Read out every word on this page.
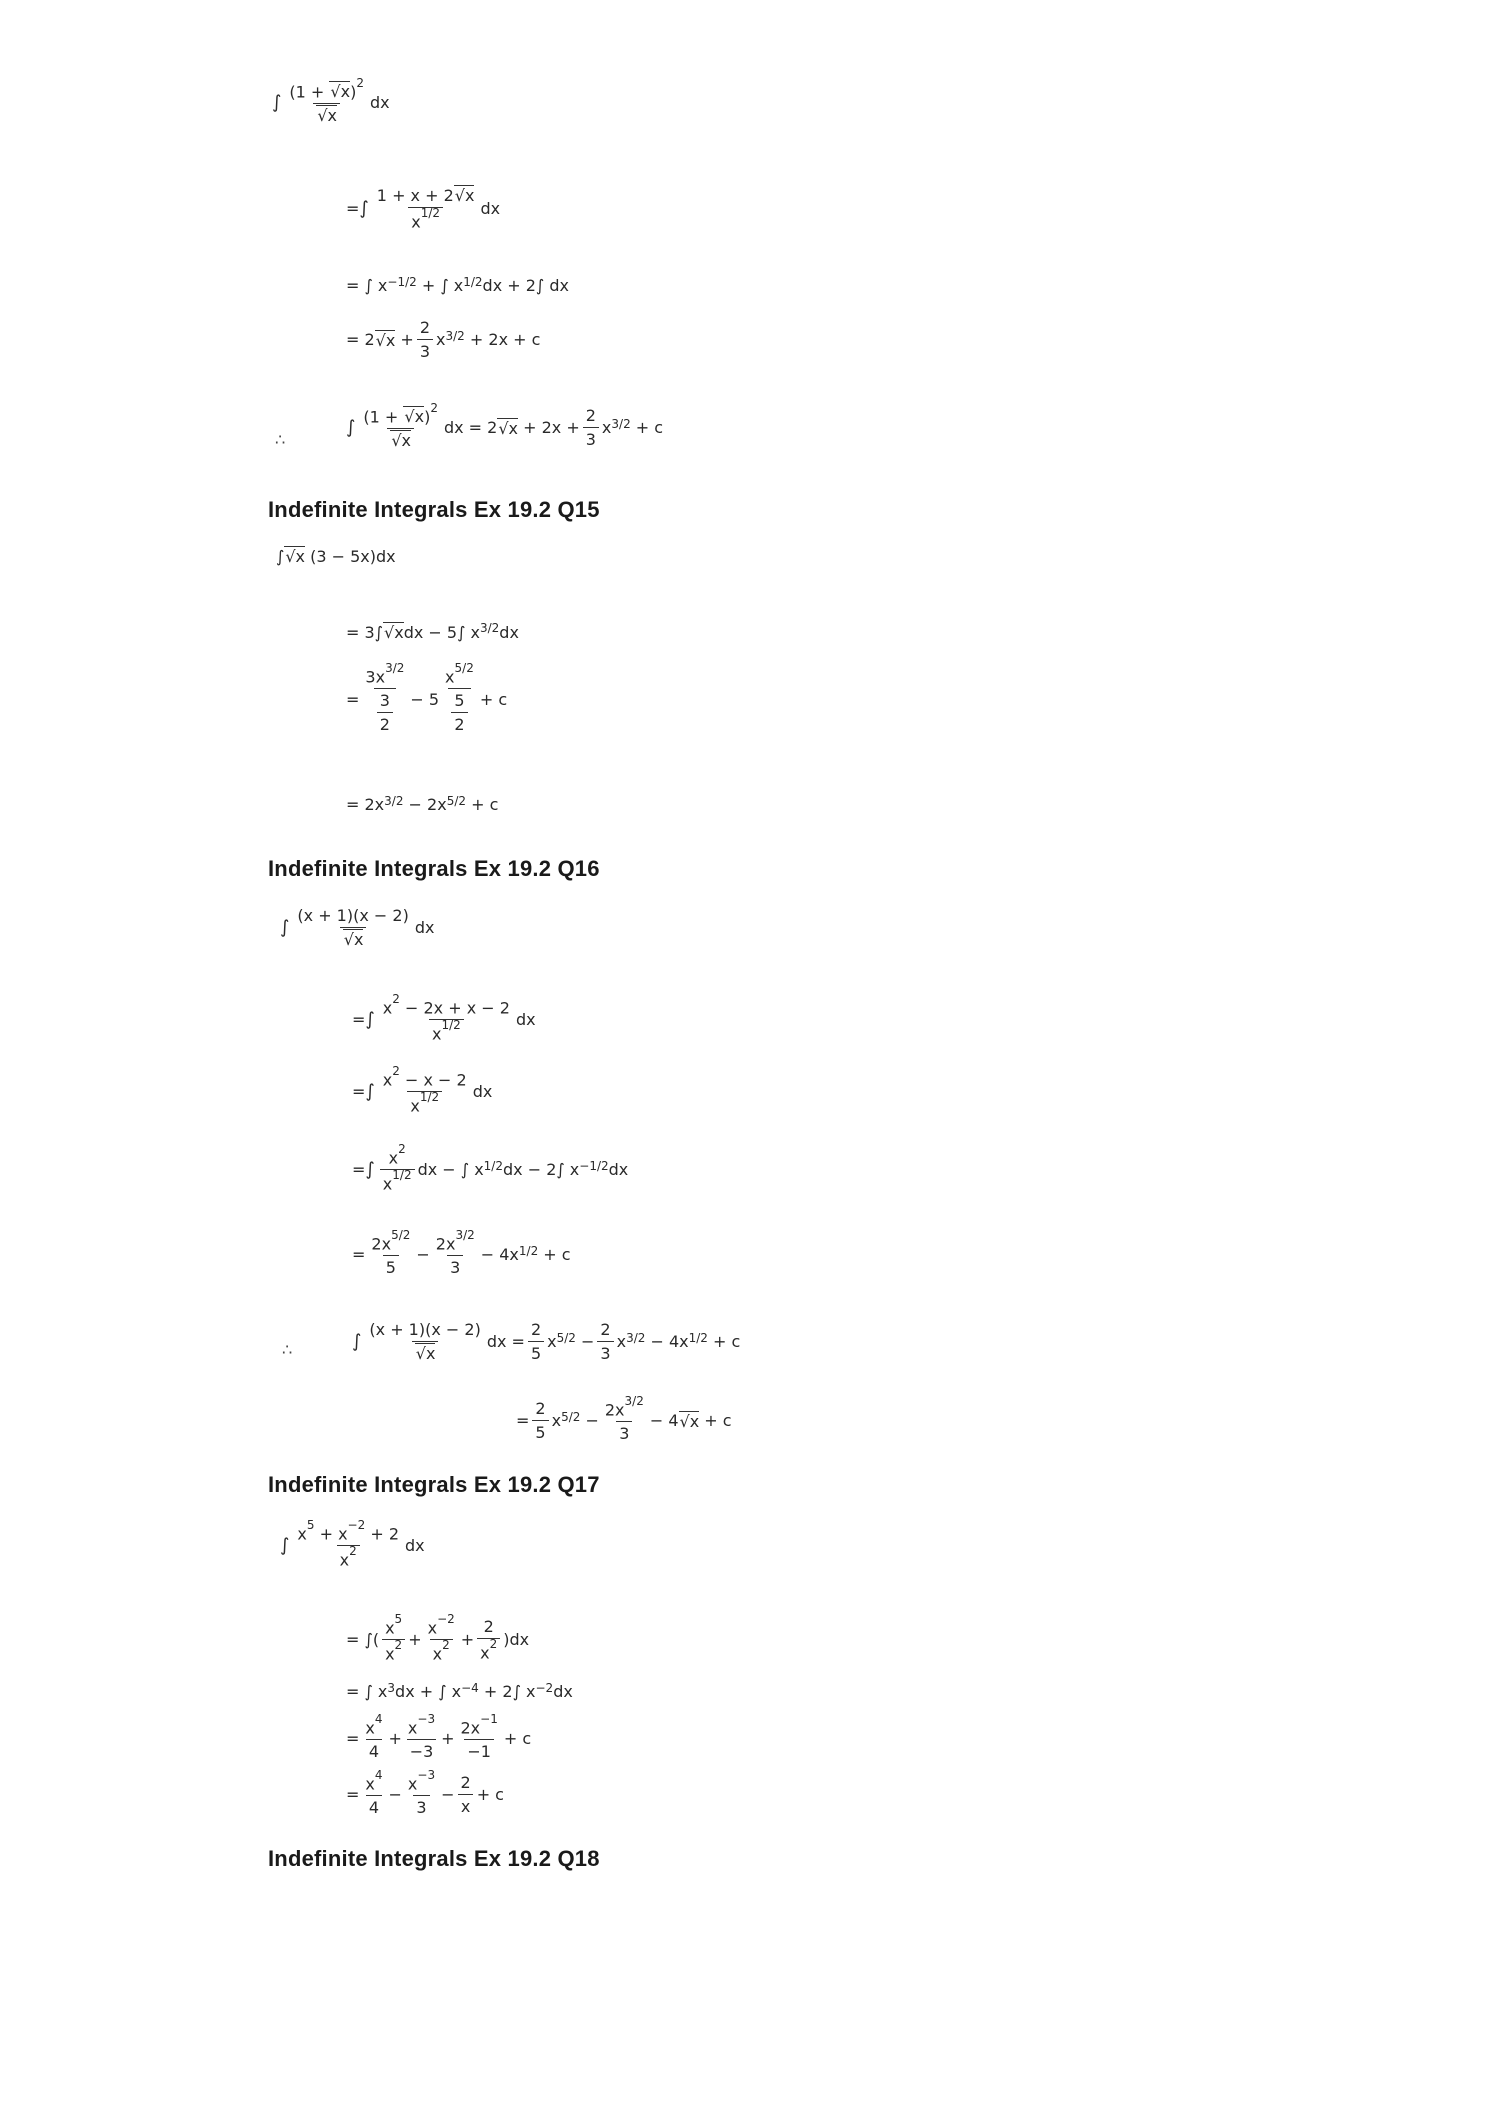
∫ $\frac{(1 + √x)^2}{√x}$ dx
= ∫ $\frac{1 + x + 2√x}{x^{1/2}}$ dx
= ∫ x −1/2 + ∫ x 1/2 dx + 2∫ dx
= 2 $√x + \frac{2}{3}$ x 3/2 + 2x + c
∴
∫ $\frac{(1 + √x)^2}{√x}$ dx = 2 $√x + 2x + \frac{2}{3}$ x 3/2 + c
Indefinite Integrals Ex 19.2 Q15
∫ √x (3 − 5x)dx
= 3∫ √x dx − 5∫ x 3/2 dx
= $\frac{3x^{3/2}}{\frac{3}{2}} - 5 \frac{x^{5/2}}{\frac{5}{2}} + c$
= 2x 3/2 − 2x 5/2 + c
Indefinite Integrals Ex 19.2 Q16
∫ $\frac{(x + 1)(x - 2)}{√x}$ dx
= ∫ $\frac{x^2 - 2x + x - 2}{x^{1/2}}$ dx
= ∫ $\frac{x^2 - x - 2}{x^{1/2}}$ dx
= ∫ $\frac{x^2}{x^{1/2}}$ dx − ∫ x 1/2 dx − 2∫ x −1/2 dx
= $\frac{2x^{5/2}}{5} - \frac{2x^{3/2}}{3} - 4x$ 1/2 + c
∴	∫ $\frac{(x + 1)(x - 2)}{√x}$ dx = $\frac{2}{5}$ x $5/2 - \frac{2}{3}$ x 3/2 − 4x 1/2 + c
= $\frac{2}{5}$ x $5/2 - \frac{2x^{3/2}}{3} - 4$ √x + c
Indefinite Integrals Ex 19.2 Q17
∫ $\frac{x^5 + x^{-2} + 2}{x^2}$ dx
= ∫( $\frac{x^5}{x^2} + \frac{x^{-2}}{x^2} + \frac{2}{x^2} )dx$
= ∫ x 3 dx + ∫ x −4 + 2∫ x −2 dx
= $\frac{x^4}{4} + \frac{x^{-3}}{-3} + \frac{2x^{-1}}{-1} + c$
= $\frac{x^4}{4} - \frac{x^{-3}}{3} - \frac{2}{x} + c$
Indefinite Integrals Ex 19.2 Q18
